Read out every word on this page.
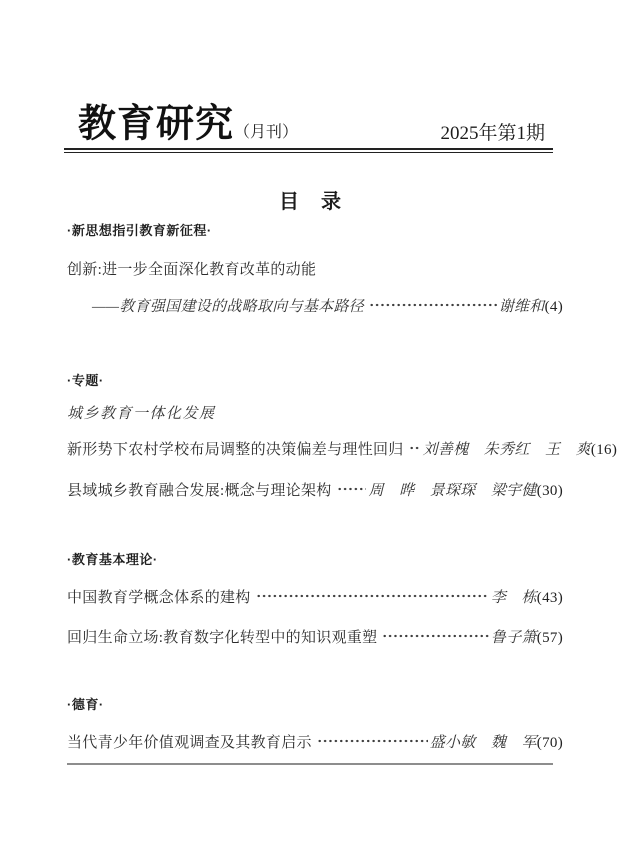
教育研究 （月刊）	2025年第1期
目　录
·新思想指引教育新征程·
创新:进一步全面深化教育改革的动能
——教育强国建设的战略取向与基本路径	谢维和 (4)
·专题·
城乡教育一体化发展
新形势下农村学校布局调整的决策偏差与理性回归 刘善槐　朱秀红　王　爽 (16)
县域城乡教育融合发展:概念与理论架构 周　晔　景琛琛　梁宇健 (30)
·教育基本理论·
中国教育学概念体系的建构	李　栋 (43)
回归生命立场:教育数字化转型中的知识观重塑	鲁子箫 (57)
·德育·
当代青少年价值观调查及其教育启示	盛小敏　魏　军 (70)
